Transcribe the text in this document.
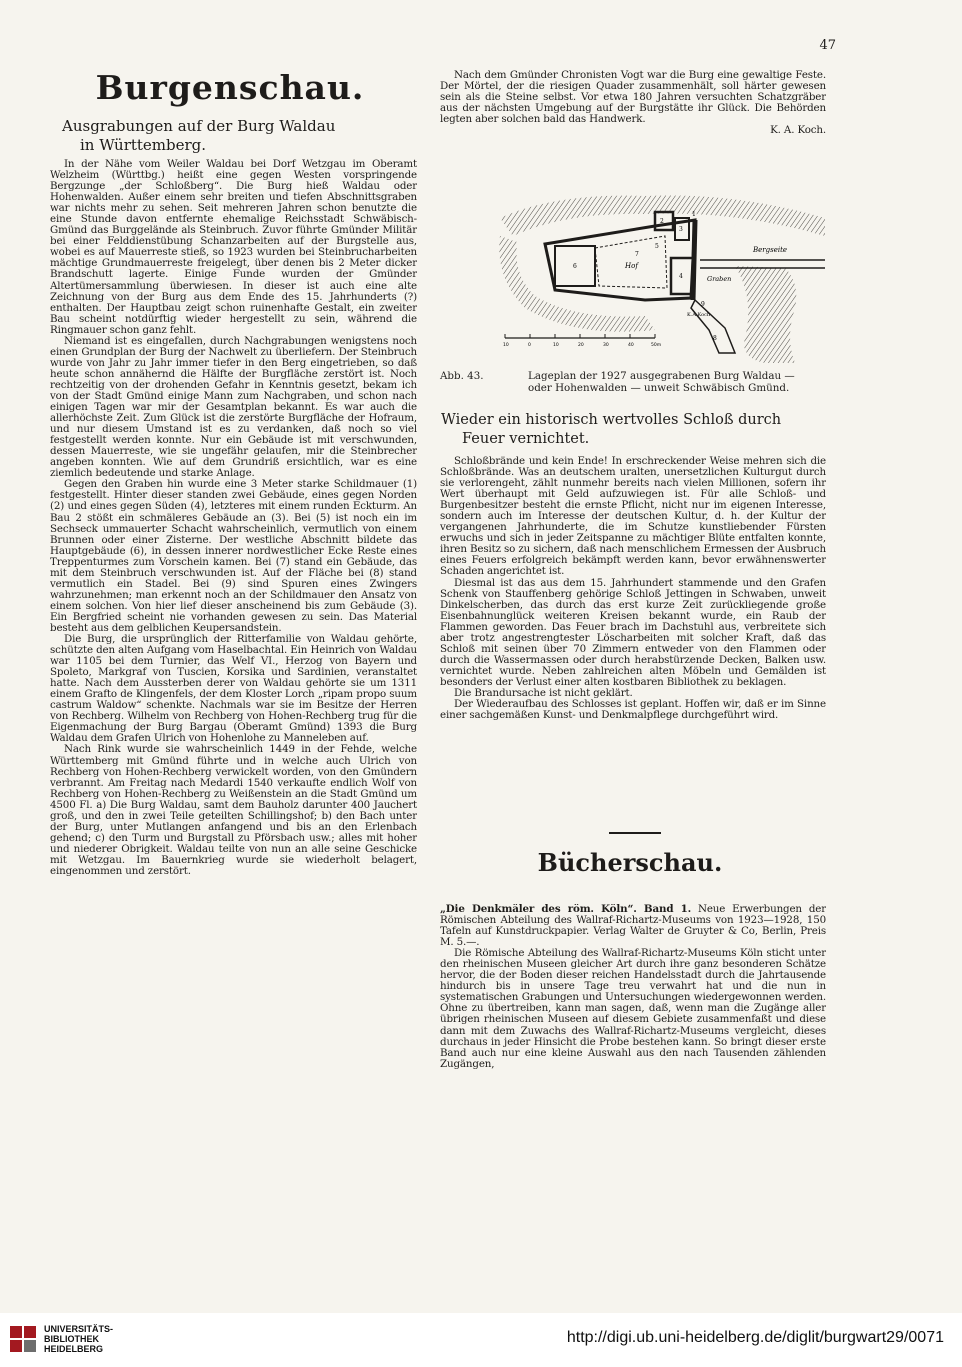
47
Burgenschau.
Ausgrabungen auf der Burg Waldau
in Württemberg.

In der Nähe vom Weiler Waldau bei Dorf Wetzgau im Oberamt Welzheim (Württbg.) heißt eine gegen Westen vorspringende Bergzunge „der Schloßberg“. Die Burg hieß Waldau oder Hohenwalden. Außer einem sehr breiten und tiefen Abschnittsgraben war nichts mehr zu sehen. Seit mehreren Jahren schon benutzte die eine Stunde davon entfernte ehemalige Reichsstadt Schwäbisch-Gmünd das Burggelände als Steinbruch. Zuvor führte Gmünder Militär bei einer Felddienstübung Schanzarbeiten auf der Burgstelle aus, wobei es auf Mauerreste stieß, so 1923 wurden bei Steinbrucharbeiten mächtige Grundmauerreste freigelegt, über denen bis 2 Meter dicker Brandschutt lagerte. Einige Funde wurden der Gmünder Altertümersammlung überwiesen. In dieser ist auch eine alte Zeichnung von der Burg aus dem Ende des 15. Jahrhunderts (?) enthalten. Der Hauptbau zeigt schon ruinenhafte Gestalt, ein zweiter Bau scheint notdürftig wieder hergestellt zu sein, während die Ringmauer schon ganz fehlt.

Niemand ist es eingefallen, durch Nachgrabungen wenigstens noch einen Grundplan der Burg der Nachwelt zu überliefern. Der Steinbruch wurde von Jahr zu Jahr immer tiefer in den Berg eingetrieben, so daß heute schon annähernd die Hälfte der Burgfläche zerstört ist. Noch rechtzeitig von der drohenden Gefahr in Kenntnis gesetzt, bekam ich von der Stadt Gmünd einige Mann zum Nachgraben, und schon nach einigen Tagen war mir der Gesamtplan bekannt. Es war auch die allerhöchste Zeit. Zum Glück ist die zerstörte Burgfläche der Hofraum, und nur diesem Umstand ist es zu verdanken, daß noch so viel festgestellt werden konnte. Nur ein Gebäude ist mit verschwunden, dessen Mauerreste, wie sie ungefähr gelaufen, mir die Steinbrecher angeben konnten. Wie auf dem Grundriß ersichtlich, war es eine ziemlich bedeutende und starke Anlage.

Gegen den Graben hin wurde eine 3 Meter starke Schildmauer (1) festgestellt. Hinter dieser standen zwei Gebäude, eines gegen Norden (2) und eines gegen Süden (4), letzteres mit einem runden Eckturm. An Bau 2 stößt ein schmäleres Gebäude an (3). Bei (5) ist noch ein im Sechseck ummauerter Schacht wahrscheinlich, vermutlich von einem Brunnen oder einer Zisterne. Der westliche Abschnitt bildete das Hauptgebäude (6), in dessen innerer nordwestlicher Ecke Reste eines Treppenturmes zum Vorschein kamen. Bei (7) stand ein Gebäude, das mit dem Steinbruch verschwunden ist. Auf der Fläche bei (8) stand vermutlich ein Stadel. Bei (9) sind Spuren eines Zwingers wahrzunehmen; man erkennt noch an der Schildmauer den Ansatz von einem solchen. Von hier lief dieser anscheinend bis zum Gebäude (3). Ein Bergfried scheint nie vorhanden gewesen zu sein. Das Material besteht aus dem gelblichen Keupersandstein.

Die Burg, die ursprünglich der Ritterfamilie von Waldau gehörte, schützte den alten Aufgang vom Haselbachtal. Ein Heinrich von Waldau war 1105 bei dem Turnier, das Welf VI., Herzog von Bayern und Spoleto, Markgraf von Tuscien, Korsika und Sardinien, veranstaltet hatte. Nach dem Aussterben derer von Waldau gehörte sie um 1311 einem Grafto de Klingenfels, der dem Kloster Lorch „ripam propo suum castrum Waldow“ schenkte. Nachmals war sie im Besitze der Herren von Rechberg. Wilhelm von Rechberg von Hohen-Rechberg trug für die Eigenmachung der Burg Bargau (Oberamt Gmünd) 1393 die Burg Waldau dem Grafen Ulrich von Hohenlohe zu Manneleben auf.

Nach Rink wurde sie wahrscheinlich 1449 in der Fehde, welche Württemberg mit Gmünd führte und in welche auch Ulrich von Rechberg von Hohen-Rechberg verwickelt worden, von den Gmündern verbrannt. Am Freitag nach Medardi 1540 verkaufte endlich Wolf von Rechberg von Hohen-Rechberg zu Weißenstein an die Stadt Gmünd um 4500 Fl. a) Die Burg Waldau, samt dem Bauholz darunter 400 Jauchert groß, und den in zwei Teile geteilten Schillingshof; b) den Bach unter der Burg, unter Mutlangen anfangend und bis an den Erlenbach gehend; c) den Turm und Burgstall zu Pförsbach usw.; alles mit hoher und niederer Obrigkeit. Waldau teilte von nun an alle seine Geschicke mit Wetzgau. Im Bauernkrieg wurde sie wiederholt belagert, eingenommen und zerstört.

Nach dem Gmünder Chronisten Vogt war die Burg eine gewaltige Feste. Der Mörtel, der die riesigen Quader zusammenhält, soll härter gewesen sein als die Steine selbst. Vor etwa 180 Jahren versuchten Schatzgräber aus der nächsten Umgebung auf der Burgstätte ihr Glück. Die Behörden legten aber solchen bald das Handwerk.

K. A. Koch.
Hof
Bergseite
Graben
K.A.Koch
1
2
3
4
5
6
7
8
9
10	0	10	20	30	40	50m
Abb. 43.	Lageplan der 1927 ausgegrabenen Burg Waldau —
oder Hohenwalden — unweit Schwäbisch Gmünd.
Wieder ein historisch wertvolles Schloß durch
Feuer vernichtet.

Schloßbrände und kein Ende! In erschreckender Weise mehren sich die Schloßbrände. Was an deutschem uralten, unersetzlichen Kulturgut durch sie verlorengeht, zählt nunmehr bereits nach vielen Millionen, sofern ihr Wert überhaupt mit Geld aufzuwiegen ist. Für alle Schloß- und Burgenbesitzer besteht die ernste Pflicht, nicht nur im eigenen Interesse, sondern auch im Interesse der deutschen Kultur, d. h. der Kultur der vergangenen Jahrhunderte, die im Schutze kunstliebender Fürsten erwuchs und sich in jeder Zeitspanne zu mächtiger Blüte entfalten konnte, ihren Besitz so zu sichern, daß nach menschlichem Ermessen der Ausbruch eines Feuers erfolgreich bekämpft werden kann, bevor erwähnenswerter Schaden angerichtet ist.

Diesmal ist das aus dem 15. Jahrhundert stammende und den Grafen Schenk von Stauffenberg gehörige Schloß Jettingen in Schwaben, unweit Dinkelscherben, das durch das erst kurze Zeit zurückliegende große Eisenbahnunglück weiteren Kreisen bekannt wurde, ein Raub der Flammen geworden. Das Feuer brach im Dachstuhl aus, verbreitete sich aber trotz angestrengtester Löscharbeiten mit solcher Kraft, daß das Schloß mit seinen über 70 Zimmern entweder von den Flammen oder durch die Wassermassen oder durch herabstürzende Decken, Balken usw. vernichtet wurde. Neben zahlreichen alten Möbeln und Gemälden ist besonders der Verlust einer alten kostbaren Bibliothek zu beklagen.

Die Brandursache ist nicht geklärt.

Der Wiederaufbau des Schlosses ist geplant. Hoffen wir, daß er im Sinne einer sachgemäßen Kunst- und Denkmalpflege durchgeführt wird.

Bücherschau.

„Die Denkmäler des röm. Köln“. Band 1. Neue Erwerbungen der Römischen Abteilung des Wallraf-Richartz-Museums von 1923—1928, 150 Tafeln auf Kunstdruckpapier. Verlag Walter de Gruyter & Co, Berlin, Preis M. 5.—.

Die Römische Abteilung des Wallraf-Richartz-Museums Köln sticht unter den rheinischen Museen gleicher Art durch ihre ganz besonderen Schätze hervor, die der Boden dieser reichen Handelsstadt durch die Jahrtausende hindurch bis in unsere Tage treu verwahrt hat und die nun in systematischen Grabungen und Untersuchungen wiedergewonnen werden. Ohne zu übertreiben, kann man sagen, daß, wenn man die Zugänge aller übrigen rheinischen Museen auf diesem Gebiete zusammenfaßt und diese dann mit dem Zuwachs des Wallraf-Richartz-Museums vergleicht, dieses durchaus in jeder Hinsicht die Probe bestehen kann. So bringt dieser erste Band auch nur eine kleine Auswahl aus den nach Tausenden zählenden Zugängen,

UNIVERSITÄTS-
BIBLIOTHEK
HEIDELBERG
http://digi.ub.uni-heidelberg.de/diglit/burgwart29/0071
